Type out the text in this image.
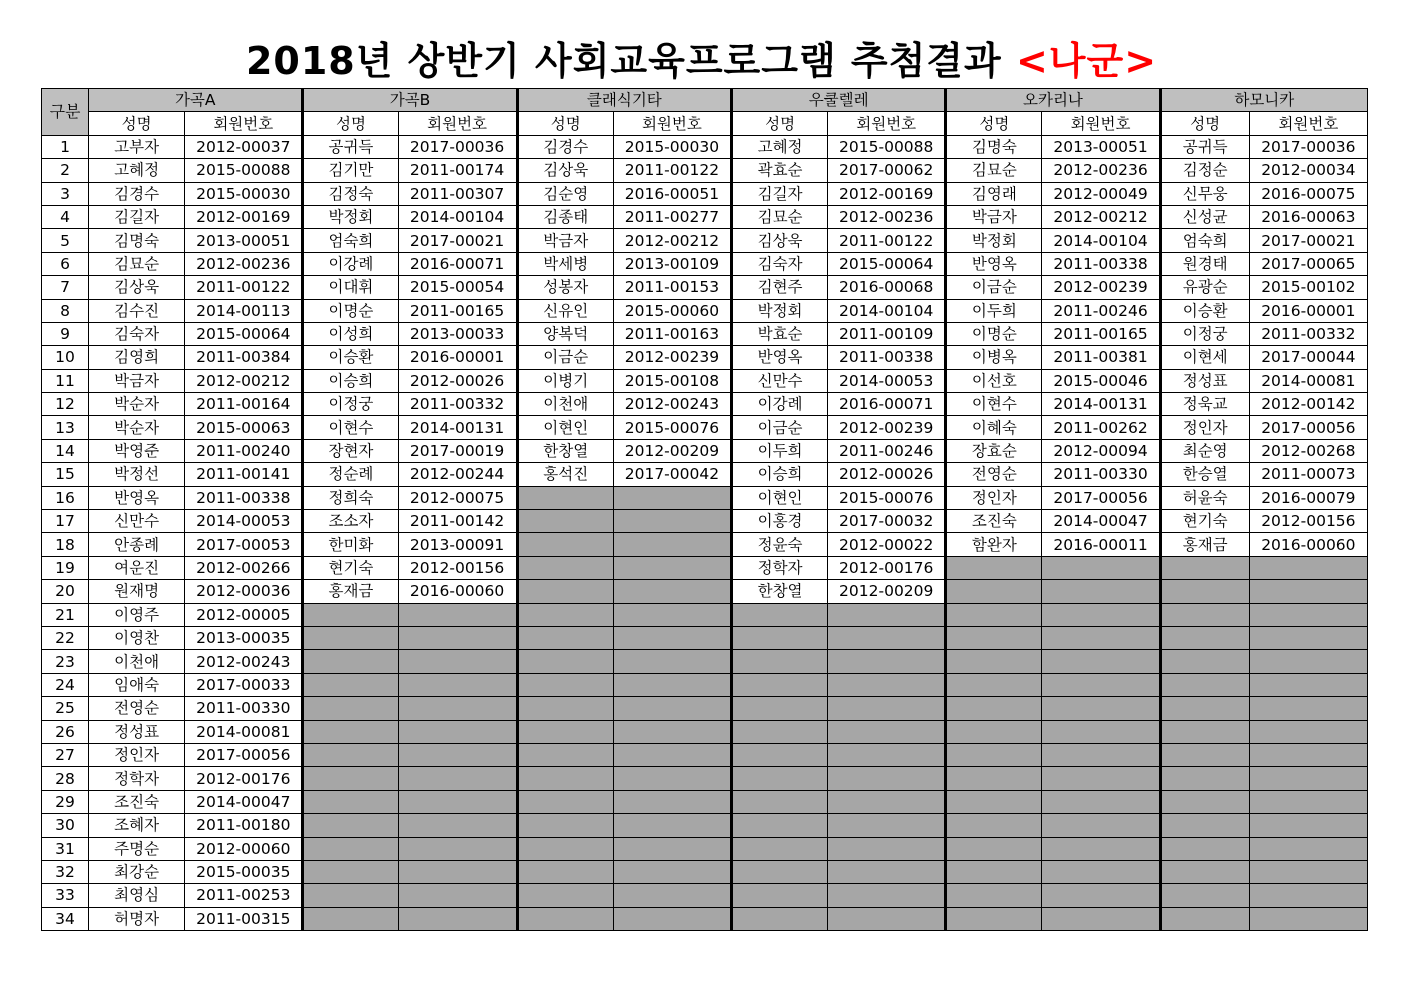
2018년 상반기 사회교육프로그램 추첨결과 <나군>
구분	가곡A		가곡B		클래식기타		우쿨렐레		오카리나		하모니카	
	성명	회원번호	성명	회원번호	성명	회원번호	성명	회원번호	성명	회원번호	성명	회원번호
1	고부자	2012-00037	공귀득	2017-00036	김경수	2015-00030	고혜정	2015-00088	김명숙	2013-00051	공귀득	2017-00036
2	고혜정	2015-00088	김기만	2011-00174	김상욱	2011-00122	곽효순	2017-00062	김묘순	2012-00236	김정순	2012-00034
3	김경수	2015-00030	김정숙	2011-00307	김순영	2016-00051	김길자	2012-00169	김영래	2012-00049	신무웅	2016-00075
4	김길자	2012-00169	박정회	2014-00104	김종태	2011-00277	김묘순	2012-00236	박금자	2012-00212	신성균	2016-00063
5	김명숙	2013-00051	엄숙희	2017-00021	박금자	2012-00212	김상욱	2011-00122	박정회	2014-00104	엄숙희	2017-00021
6	김묘순	2012-00236	이강례	2016-00071	박세병	2013-00109	김숙자	2015-00064	반영옥	2011-00338	원경태	2017-00065
7	김상욱	2011-00122	이대휘	2015-00054	성봉자	2011-00153	김현주	2016-00068	이금순	2012-00239	유광순	2015-00102
8	김수진	2014-00113	이명순	2011-00165	신유인	2015-00060	박정회	2014-00104	이두희	2011-00246	이승환	2016-00001
9	김숙자	2015-00064	이성희	2013-00033	양복덕	2011-00163	박효순	2011-00109	이명순	2011-00165	이정궁	2011-00332
10	김영희	2011-00384	이승환	2016-00001	이금순	2012-00239	반영옥	2011-00338	이병옥	2011-00381	이현세	2017-00044
11	박금자	2012-00212	이승희	2012-00026	이병기	2015-00108	신만수	2014-00053	이선호	2015-00046	정성표	2014-00081
12	박순자	2011-00164	이정궁	2011-00332	이천애	2012-00243	이강례	2016-00071	이현수	2014-00131	정욱교	2012-00142
13	박순자	2015-00063	이현수	2014-00131	이현인	2015-00076	이금순	2012-00239	이혜숙	2011-00262	정인자	2017-00056
14	박영준	2011-00240	장현자	2017-00019	한창열	2012-00209	이두희	2011-00246	장효순	2012-00094	최순영	2012-00268
15	박정선	2011-00141	정순례	2012-00244	홍석진	2017-00042	이승희	2012-00026	전영순	2011-00330	한승열	2011-00073
16	반영옥	2011-00338	정희숙	2012-00075			이현인	2015-00076	정인자	2017-00056	허윤숙	2016-00079
17	신만수	2014-00053	조소자	2011-00142			이홍경	2017-00032	조진숙	2014-00047	현기숙	2012-00156
18	안종례	2017-00053	한미화	2013-00091			정윤숙	2012-00022	함완자	2016-00011	홍재금	2016-00060
19	여운진	2012-00266	현기숙	2012-00156			정학자	2012-00176				
20	원재명	2012-00036	홍재금	2016-00060			한창열	2012-00209				
21	이영주	2012-00005										
22	이영찬	2013-00035										
23	이천애	2012-00243										
24	임애숙	2017-00033										
25	전영순	2011-00330										
26	정성표	2014-00081										
27	정인자	2017-00056										
28	정학자	2012-00176										
29	조진숙	2014-00047										
30	조혜자	2011-00180										
31	주명순	2012-00060										
32	최강순	2015-00035										
33	최영심	2011-00253										
34	허명자	2011-00315										
